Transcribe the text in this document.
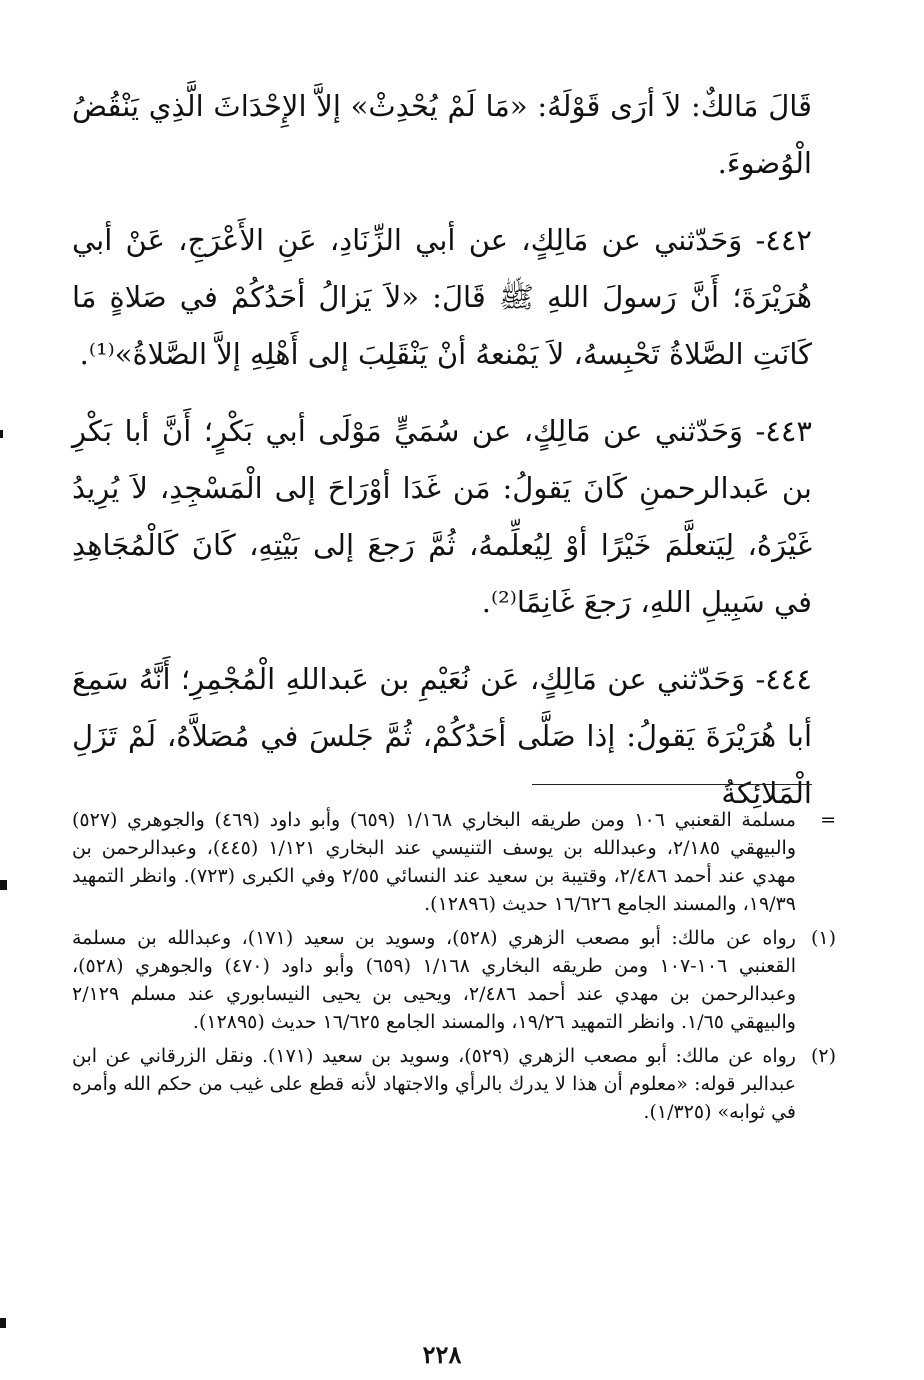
قَالَ مَالكٌ: لاَ أرَى قَوْلَهُ: «مَا لَمْ يُحْدِثْ» إلاَّ الإِحْدَاثَ الَّذِي يَنْقُضُ الْوُضوءَ.

٤٤٢- وَحَدّثني عن مَالِكٍ، عن أبي الزِّنَادِ، عَنِ الأَعْرَجِ، عَنْ أبي هُرَيْرَةَ؛ أَنَّ رَسولَ اللهِ ﷺ قَالَ: «لاَ يَزالُ أحَدُكُمْ في صَلاةٍ مَا كَانَتِ الصَّلاةُ تَحْبِسهُ، لاَ يَمْنعهُ أنْ يَنْقَلِبَ إلى أَهْلِهِ إلاَّ الصَّلاةُ»⁽¹⁾.

٤٤٣- وَحَدّثني عن مَالِكٍ، عن سُمَيٍّ مَوْلَى أبي بَكْرٍ؛ أَنَّ أبا بَكْرِ بن عَبدالرحمنِ كَانَ يَقولُ: مَن غَدَا أوْرَاحَ إلى الْمَسْجِدِ، لاَ يُرِيدُ غَيْرَهُ، لِيَتعلَّمَ خَيْرًا أوْ لِيُعلِّمهُ، ثُمَّ رَجعَ إلى بَيْتِهِ، كَانَ كَالْمُجَاهِدِ في سَبِيلِ اللهِ، رَجعَ غَانِمًا⁽²⁾.

٤٤٤- وَحَدّثني عن مَالِكٍ، عَن نُعَيْمِ بن عَبداللهِ الْمُجْمِرِ؛ أَنَّهُ سَمِعَ أبا هُرَيْرَةَ يَقولُ: إذا صَلَّى أحَدُكُمْ، ثُمَّ جَلسَ في مُصَلاَّهُ، لَمْ تَزَلِ الْمَلائِكةُ

=
مسلمة القعنبي ١٠٦ ومن طريقه البخاري ١/١٦٨ (٦٥٩) وأبو داود (٤٦٩) والجوهري (٥٢٧) والبيهقي ٢/١٨٥، وعبدالله بن يوسف التنيسي عند البخاري ١/١٢١ (٤٤٥)، وعبدالرحمن بن مهدي عند أحمد ٢/٤٨٦، وقتيبة بن سعيد عند النسائي ٢/٥٥ وفي الكبرى (٧٢٣). وانظر التمهيد ١٩/٣٩، والمسند الجامع ١٦/٦٢٦ حديث (١٢٨٩٦).
(١)
رواه عن مالك: أبو مصعب الزهري (٥٢٨)، وسويد بن سعيد (١٧١)، وعبدالله بن مسلمة القعنبي ١٠٦-١٠٧ ومن طريقه البخاري ١/١٦٨ (٦٥٩) وأبو داود (٤٧٠) والجوهري (٥٢٨)، وعبدالرحمن بن مهدي عند أحمد ٢/٤٨٦، ويحيى بن يحيى النيسابوري عند مسلم ٢/١٢٩ والبيهقي ١/٦٥. وانظر التمهيد ١٩/٢٦، والمسند الجامع ١٦/٦٢٥ حديث (١٢٨٩٥).
(٢)
رواه عن مالك: أبو مصعب الزهري (٥٢٩)، وسويد بن سعيد (١٧١). ونقل الزرقاني عن ابن عبدالبر قوله: «معلوم أن هذا لا يدرك بالرأي والاجتهاد لأنه قطع على غيب من حكم الله وأمره في ثوابه» (١/٣٢٥).
٢٢٨
